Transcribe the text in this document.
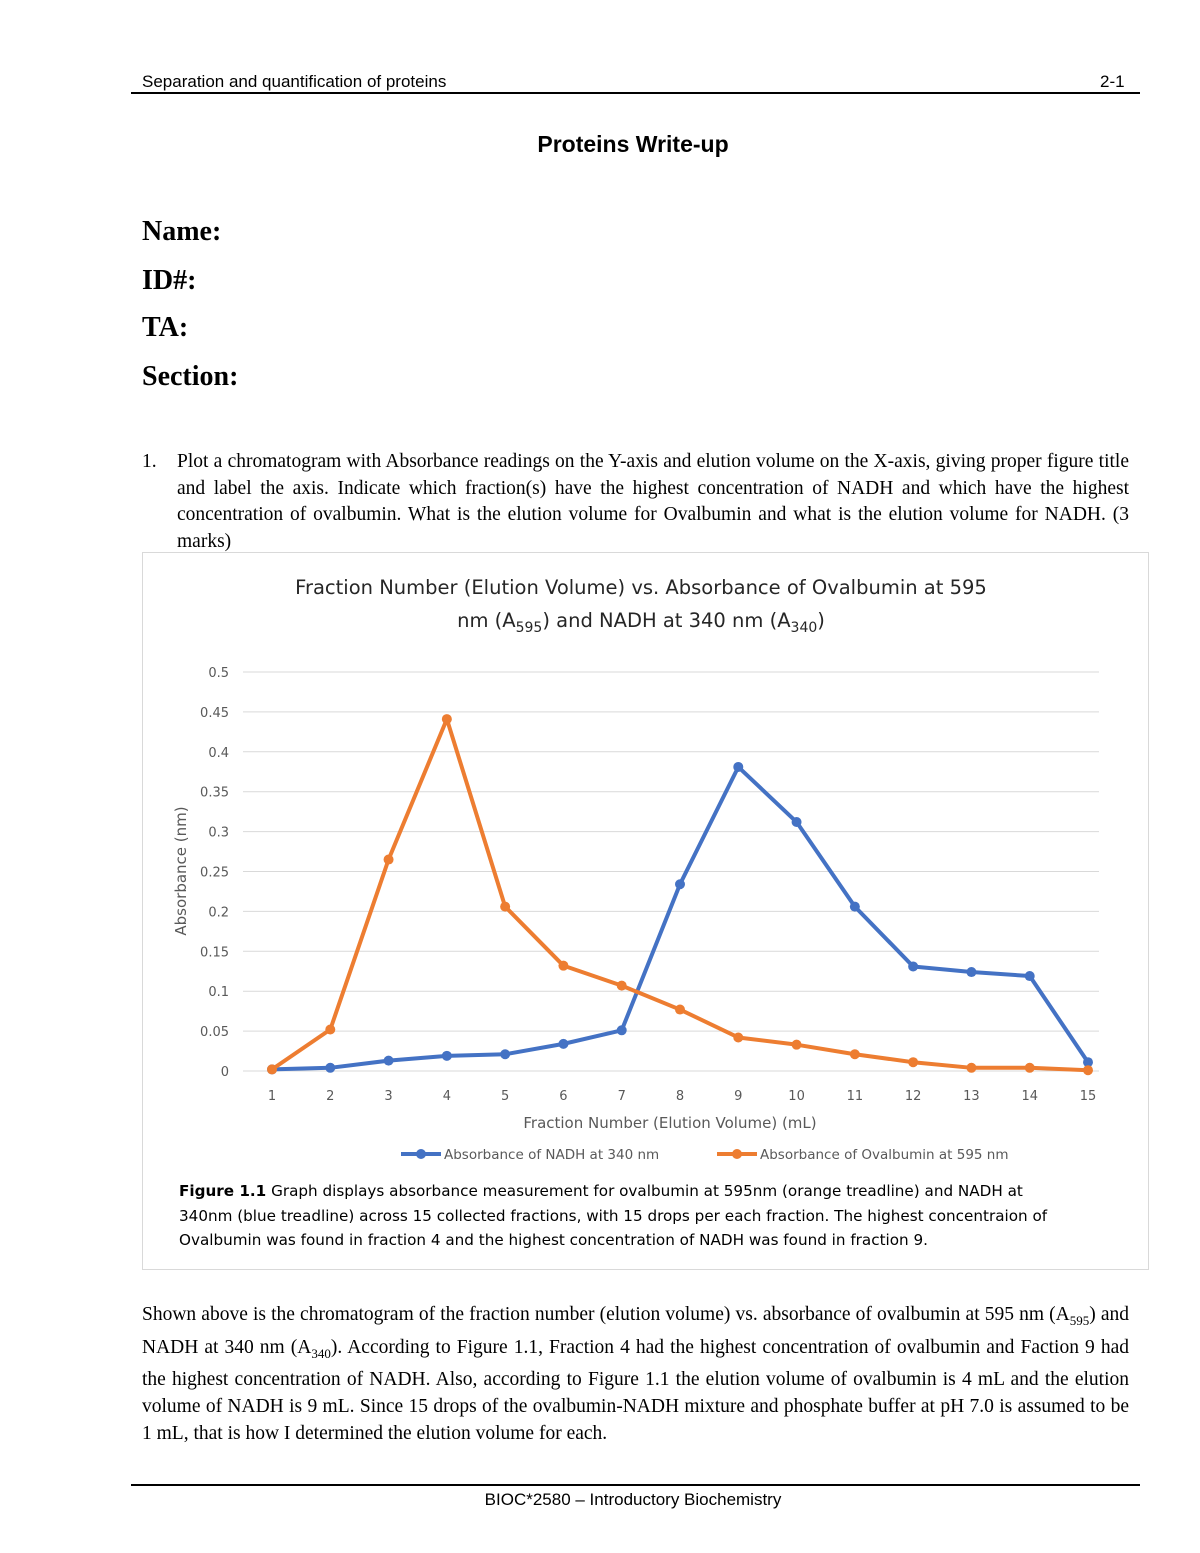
Separation and quantification of proteins	2-1
Proteins Write-up
Name:
ID#:
TA:
Section:
1. Plot a chromatogram with Absorbance readings on the Y-axis and elution volume on the X-axis, giving proper figure title and label the axis. Indicate which fraction(s) have the highest concentration of NADH and which have the highest concentration of ovalbumin. What is the elution volume for Ovalbumin and what is the elution volume for NADH. (3 marks)
Fraction Number (Elution Volume) vs. Absorbance of Ovalbumin at 595
nm $(A_{595})$ and NADH at 340 nm $(A_{340})$
0
0.05
0.1
0.15
0.2
0.25
0.3
0.35
0.4
0.45
0.5
1	2	3	4	5	6	7	8	9	10	11	12	13	14	15
Absorbance (nm)
Fraction Number (Elution Volume) (mL)
Absorbance of NADH at 340 nm	Absorbance of Ovalbumin at 595 nm
Figure 1.1 Graph displays absorbance measurement for ovalbumin at 595nm (orange treadline) and NADH at 340nm (blue treadline) across 15 collected fractions, with 15 drops per each fraction. The highest concentraion of Ovalbumin was found in fraction 4 and the highest concentration of NADH was found in fraction 9.
Shown above is the chromatogram of the fraction number (elution volume) vs. absorbance of ovalbumin at 595 nm $(A_{595})$ and NADH at 340 nm $(A_{340})$. According to Figure 1.1, Fraction 4 had the highest concentration of ovalbumin and Faction 9 had the highest concentration of NADH. Also, according to Figure 1.1 the elution volume of ovalbumin is 4 mL and the elution volume of NADH is 9 mL. Since 15 drops of the ovalbumin-NADH mixture and phosphate buffer at pH 7.0 is assumed to be 1 mL, that is how I determined the elution volume for each.
BIOC*2580 – Introductory Biochemistry
